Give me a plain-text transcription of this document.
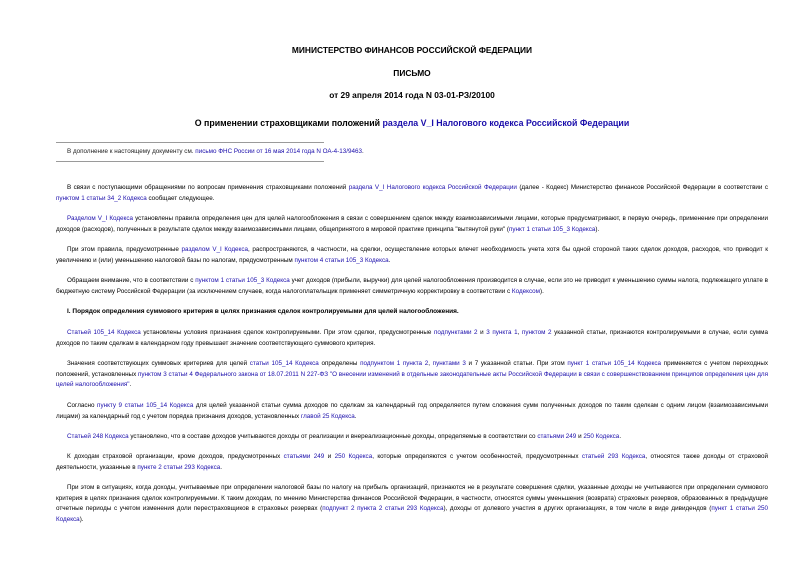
МИНИСТЕРСТВО ФИНАНСОВ РОССИЙСКОЙ ФЕДЕРАЦИИ
ПИСЬМО
от 29 апреля 2014 года N 03-01-РЗ/20100
О применении страховщиками положений раздела V_I Налогового кодекса Российской Федерации
В дополнение к настоящему документу см. письмо ФНС России от 16 мая 2014 года N ОА-4-13/9463.

В связи с поступающими обращениями по вопросам применения страховщиками положений раздела V_I Налогового кодекса Российской Федерации (далее - Кодекс) Министерство финансов Российской Федерации в соответствии с пунктом 1 статьи 34_2 Кодекса сообщает следующее.

Разделом V_I Кодекса установлены правила определения цен для целей налогообложения в связи с совершением сделок между взаимозависимыми лицами, которые предусматривают, в первую очередь, применение при определении доходов (расходов), полученных в результате сделок между взаимозависимыми лицами, общепринятого в мировой практике принципа "вытянутой руки" (пункт 1 статьи 105_3 Кодекса).

При этом правила, предусмотренные разделом V_I Кодекса, распространяются, в частности, на сделки, осуществление которых влечет необходимость учета хотя бы одной стороной таких сделок доходов, расходов, что приводит к увеличению и (или) уменьшению налоговой базы по налогам, предусмотренным пунктом 4 статьи 105_3 Кодекса.

Обращаем внимание, что в соответствии с пунктом 1 статьи 105_3 Кодекса учет доходов (прибыли, выручки) для целей налогообложения производится в случае, если это не приводит к уменьшению суммы налога, подлежащего уплате в бюджетную систему Российской Федерации (за исключением случаев, когда налогоплательщик применяет симметричную корректировку в соответствии с Кодексом).

I. Порядок определения суммового критерия в целях признания сделок контролируемыми для целей налогообложения.

Статьей 105_14 Кодекса установлены условия признания сделок контролируемыми. При этом сделки, предусмотренные подпунктами 2 и 3 пункта 1, пунктом 2 указанной статьи, признаются контролируемыми в случае, если сумма доходов по таким сделкам в календарном году превышает значение соответствующего суммового критерия.

Значения соответствующих суммовых критериев для целей статьи 105_14 Кодекса определены подпунктом 1 пункта 2, пунктами 3 и 7 указанной статьи. При этом пункт 1 статьи 105_14 Кодекса применяется с учетом переходных положений, установленных пунктом 3 статьи 4 Федерального закона от 18.07.2011 N 227-ФЗ "О внесении изменений в отдельные законодательные акты Российской Федерации в связи с совершенствованием принципов определения цен для целей налогообложения".

Согласно пункту 9 статьи 105_14 Кодекса для целей указанной статьи сумма доходов по сделкам за календарный год определяется путем сложения сумм полученных доходов по таким сделкам с одним лицом (взаимозависимыми лицами) за календарный год с учетом порядка признания доходов, установленных главой 25 Кодекса.

Статьей 248 Кодекса установлено, что в составе доходов учитываются доходы от реализации и внереализационные доходы, определяемые в соответствии со статьями 249 и 250 Кодекса.

К доходам страховой организации, кроме доходов, предусмотренных статьями 249 и 250 Кодекса, которые определяются с учетом особенностей, предусмотренных статьей 293 Кодекса, относятся также доходы от страховой деятельности, указанные в пункте 2 статьи 293 Кодекса.

При этом в ситуациях, когда доходы, учитываемые при определении налоговой базы по налогу на прибыль организаций, признаются не в результате совершения сделки, указанные доходы не учитываются при определении суммового критерия в целях признания сделок контролируемыми. К таким доходам, по мнению Министерства финансов Российской Федерации, в частности, относятся суммы уменьшения (возврата) страховых резервов, образованных в предыдущие отчетные периоды с учетом изменения доли перестраховщиков в страховых резервах (подпункт 2 пункта 2 статьи 293 Кодекса), доходы от долевого участия в других организациях, в том числе в виде дивидендов (пункт 1 статьи 250 Кодекса).
